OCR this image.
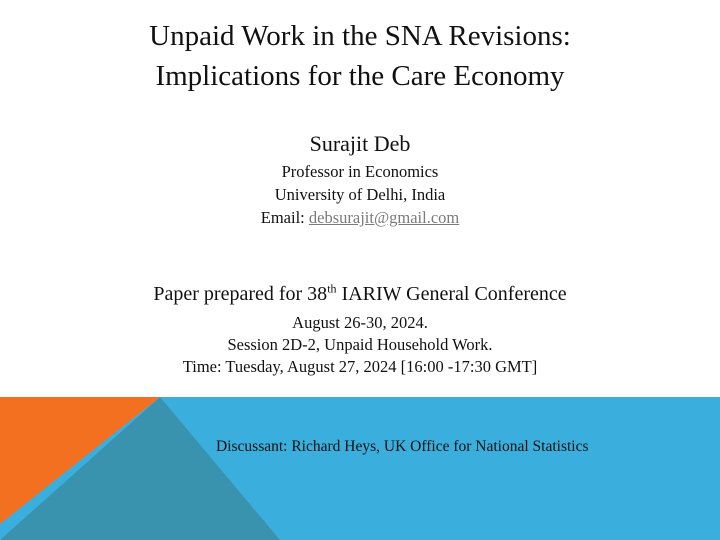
Unpaid Work in the SNA Revisions:
Implications for the Care Economy
Surajit Deb
Professor in Economics
University of Delhi, India
Email: debsurajit@gmail.com
Paper prepared for 38th IARIW General Conference
August 26-30, 2024.
Session 2D-2, Unpaid Household Work.
Time: Tuesday, August 27, 2024 [16:00 -17:30 GMT]
Discussant: Richard Heys, UK Office for National Statistics
